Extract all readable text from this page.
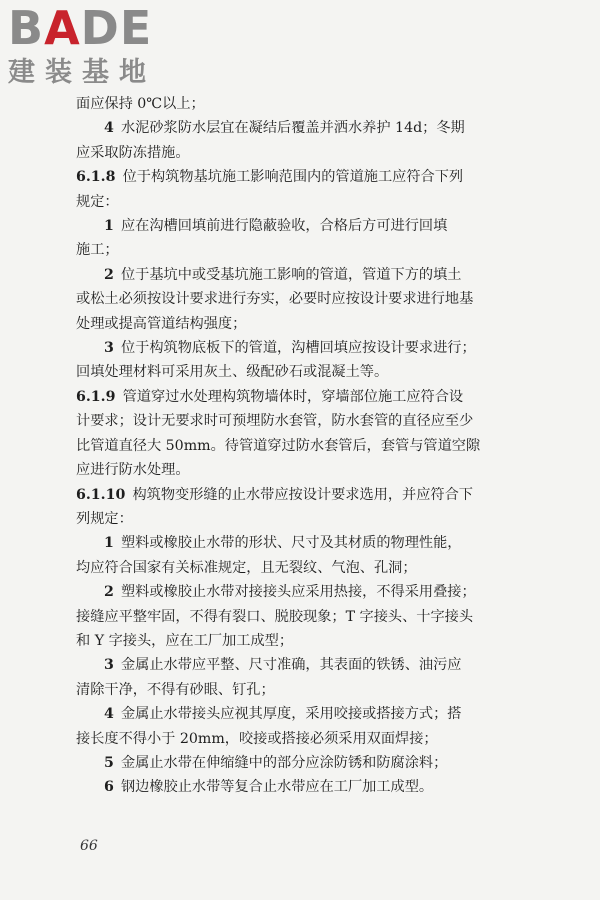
BADE
建装基地
面应保持 0℃以上；
4  水泥砂浆防水层宜在凝结后覆盖并洒水养护 14d；冬期
应采取防冻措施。
6.1.8  位于构筑物基坑施工影响范围内的管道施工应符合下列
规定：
1  应在沟槽回填前进行隐蔽验收，合格后方可进行回填
施工；
2  位于基坑中或受基坑施工影响的管道，管道下方的填土
或松土必须按设计要求进行夯实，必要时应按设计要求进行地基
处理或提高管道结构强度；
3  位于构筑物底板下的管道，沟槽回填应按设计要求进行；
回填处理材料可采用灰土、级配砂石或混凝土等。
6.1.9  管道穿过水处理构筑物墙体时，穿墙部位施工应符合设
计要求；设计无要求时可预埋防水套管，防水套管的直径应至少
比管道直径大 50mm。待管道穿过防水套管后，套管与管道空隙
应进行防水处理。
6.1.10  构筑物变形缝的止水带应按设计要求选用，并应符合下
列规定：
1  塑料或橡胶止水带的形状、尺寸及其材质的物理性能，
均应符合国家有关标准规定，且无裂纹、气泡、孔洞；
2  塑料或橡胶止水带对接接头应采用热接，不得采用叠接；
接缝应平整牢固，不得有裂口、脱胶现象；T 字接头、十字接头
和 Y 字接头，应在工厂加工成型；
3  金属止水带应平整、尺寸准确，其表面的铁锈、油污应
清除干净，不得有砂眼、钉孔；
4  金属止水带接头应视其厚度，采用咬接或搭接方式；搭
接长度不得小于 20mm，咬接或搭接必须采用双面焊接；
5  金属止水带在伸缩缝中的部分应涂防锈和防腐涂料；
6  钢边橡胶止水带等复合止水带应在工厂加工成型。
66
